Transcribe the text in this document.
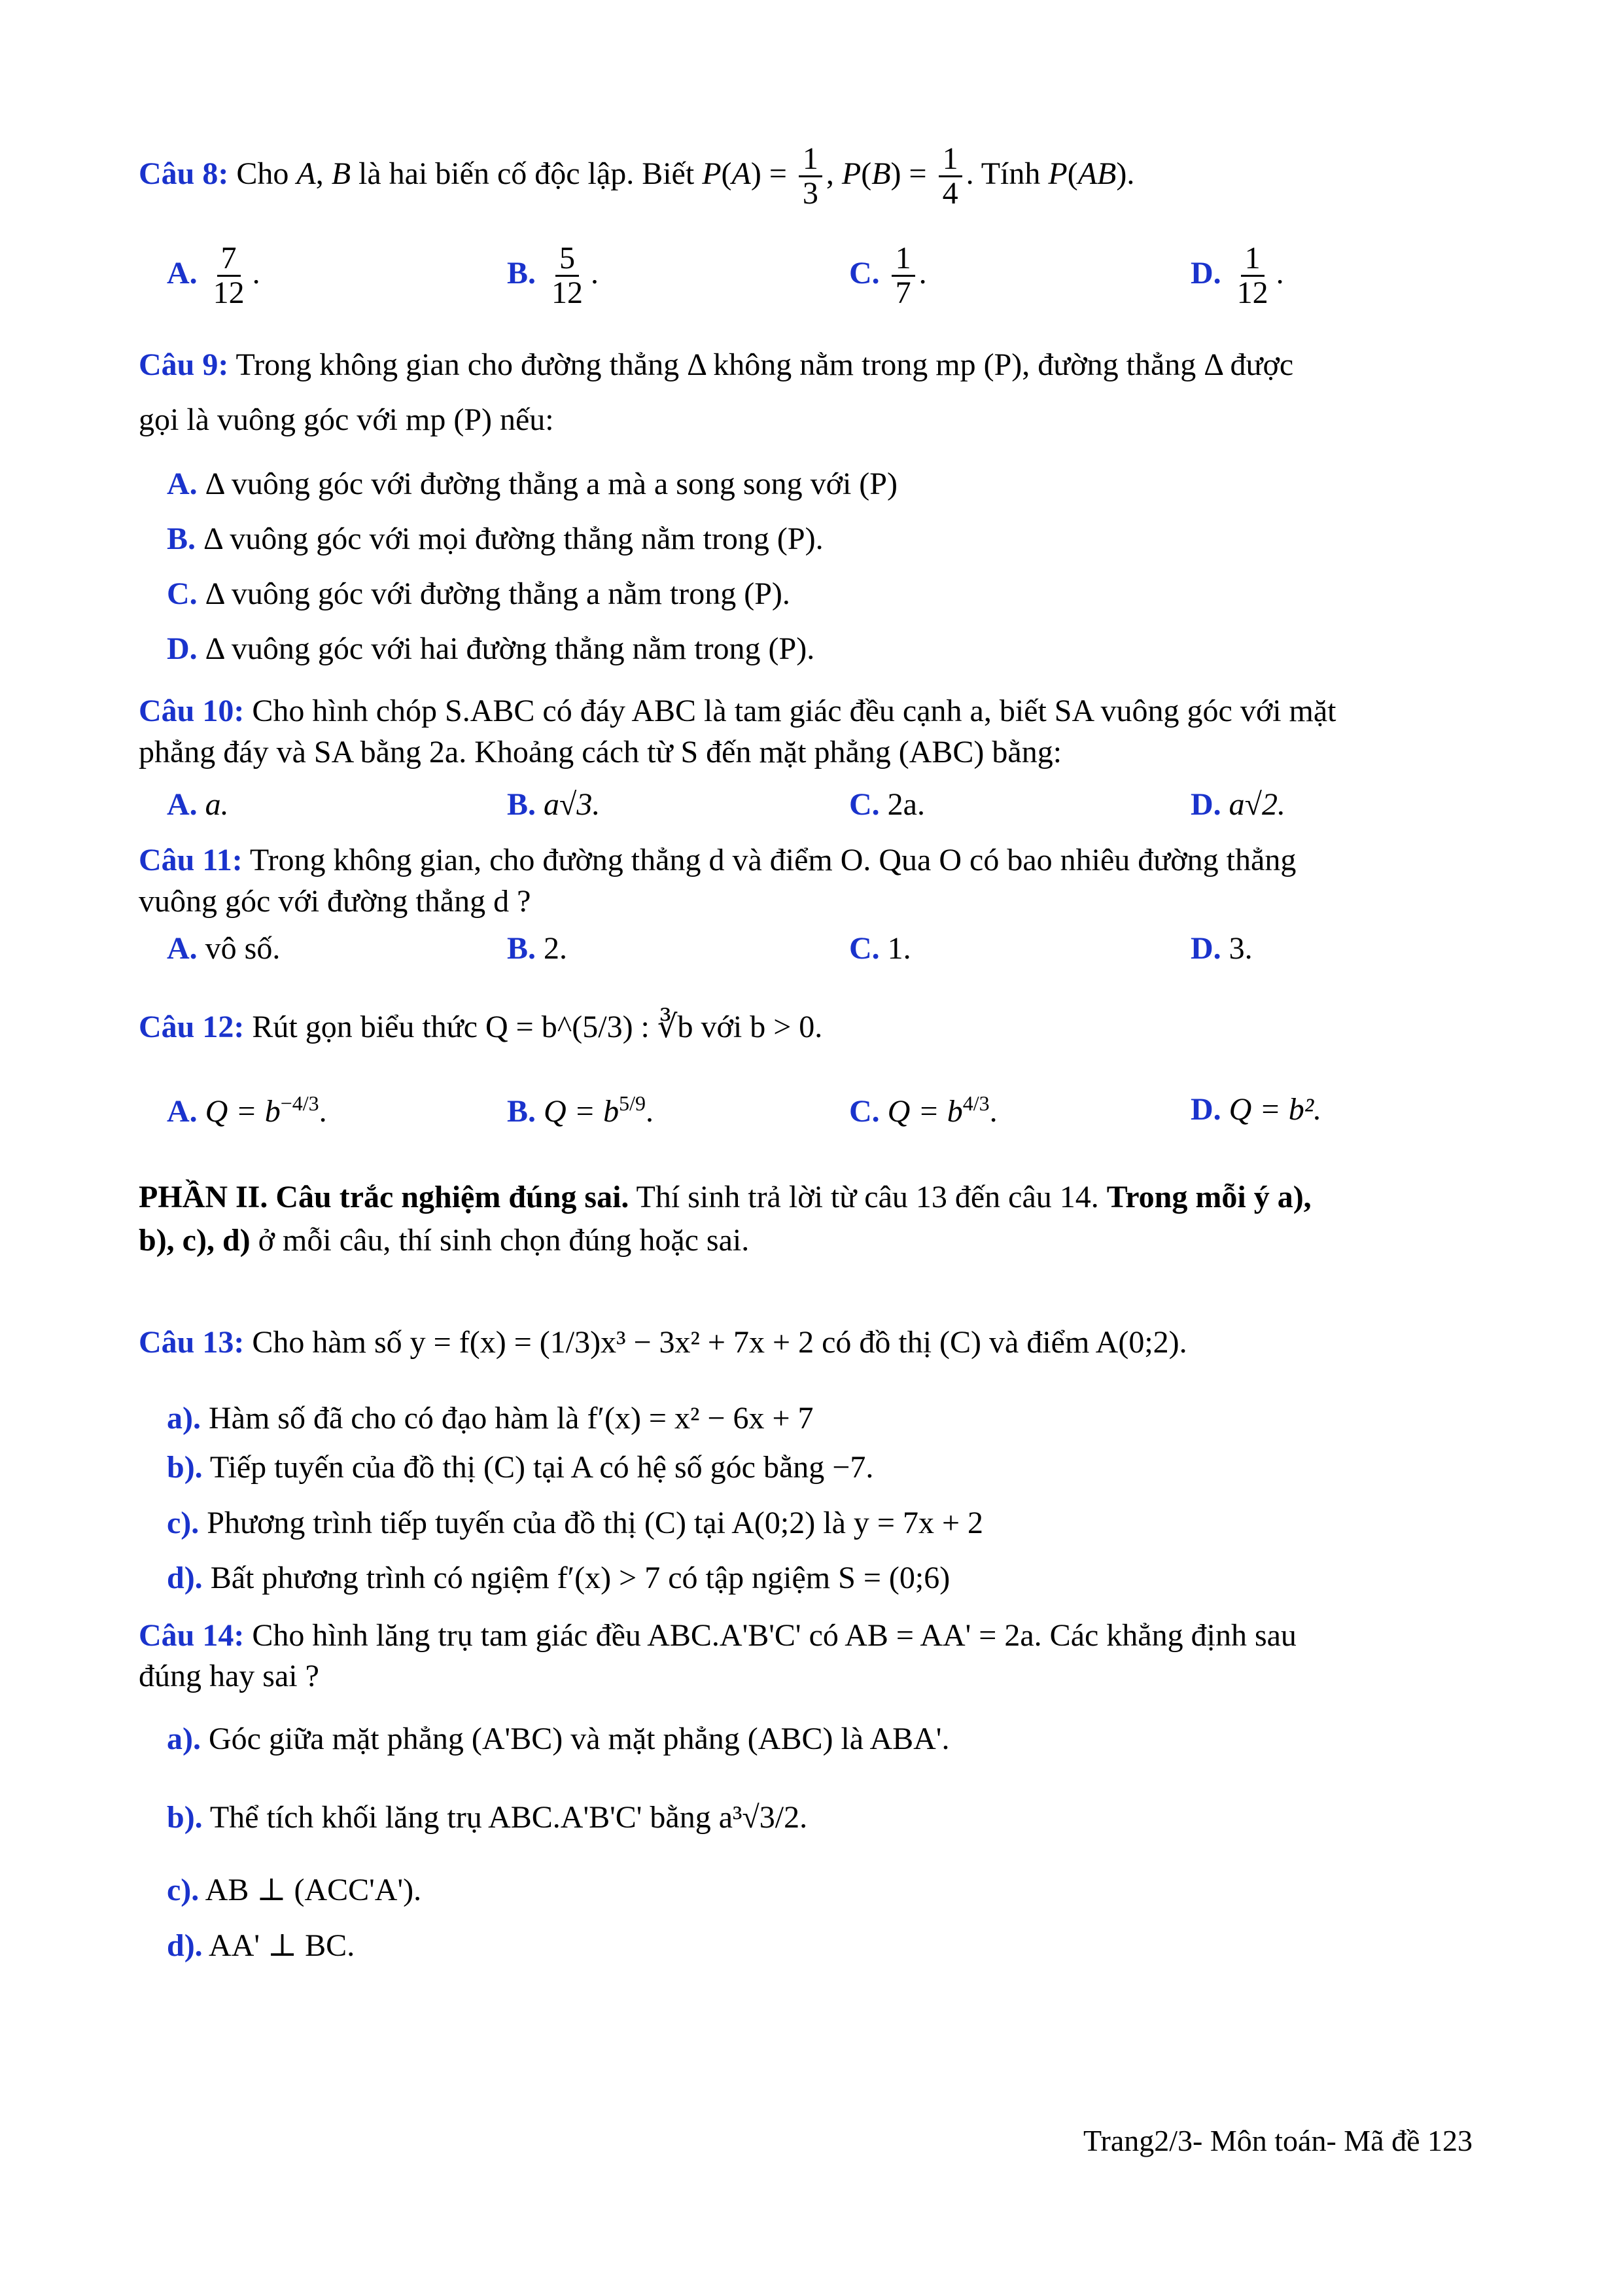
Câu 8: Cho A, B là hai biến cố độc lập. Biết $P(A) = \frac{1}{3}$ , $P(B) = \frac{1}{4}$ . Tính P(AB).
A. $\frac{7}{12}$ .	B. $\frac{5}{12}$ .	C. $\frac{1}{7}$ .	D. $\frac{1}{12}$ .
Câu 9: Trong không gian cho đường thẳng Δ không nằm trong mp (P), đường thẳng Δ được
gọi là vuông góc với mp (P) nếu:
A. Δ vuông góc với đường thẳng a mà a song song với (P)
B. Δ vuông góc với mọi đường thẳng nằm trong (P).
C. Δ vuông góc với đường thẳng a nằm trong (P).
D. Δ vuông góc với hai đường thẳng nằm trong (P).
Câu 10: Cho hình chóp S.ABC có đáy ABC là tam giác đều cạnh a, biết SA vuông góc với mặt
phẳng đáy và SA bằng 2a. Khoảng cách từ S đến mặt phẳng (ABC) bằng:
A. a.	B. a√3.	C. 2a.	D. a√2.
Câu 11: Trong không gian, cho đường thẳng d và điểm O. Qua O có bao nhiêu đường thẳng
vuông góc với đường thẳng d ?
A. vô số.	B. 2.	C. 1.	D. 3.
Câu 12: Rút gọn biểu thức Q = b^(5/3) : ∛b với b > 0.
A. $Q = b^{-4/3}$.	B. $Q = b^{5/9}$.	C. $Q = b^{4/3}$.	D. Q = b².
PHẦN II. Câu trắc nghiệm đúng sai. Thí sinh trả lời từ câu 13 đến câu 14. Trong mỗi ý a),
b), c), d) ở mỗi câu, thí sinh chọn đúng hoặc sai.
Câu 13: Cho hàm số y = f(x) = (1/3)x³ − 3x² + 7x + 2 có đồ thị (C) và điểm A(0;2).
a). Hàm số đã cho có đạo hàm là f′(x) = x² − 6x + 7
b). Tiếp tuyến của đồ thị (C) tại A có hệ số góc bằng −7.
c). Phương trình tiếp tuyến của đồ thị (C) tại A(0;2) là y = 7x + 2
d). Bất phương trình có ngiệm f′(x) > 7 có tập ngiệm S = (0;6)
Câu 14: Cho hình lăng trụ tam giác đều ABC.A'B'C' có AB = AA' = 2a. Các khẳng định sau
đúng hay sai ?
a). Góc giữa mặt phẳng (A'BC) và mặt phẳng (ABC) là ABA'.
b). Thể tích khối lăng trụ ABC.A'B'C' bằng a³√3/2.
c). AB ⊥ (ACC'A').
d). AA' ⊥ BC.
Trang2/3- Môn toán- Mã đề 123
